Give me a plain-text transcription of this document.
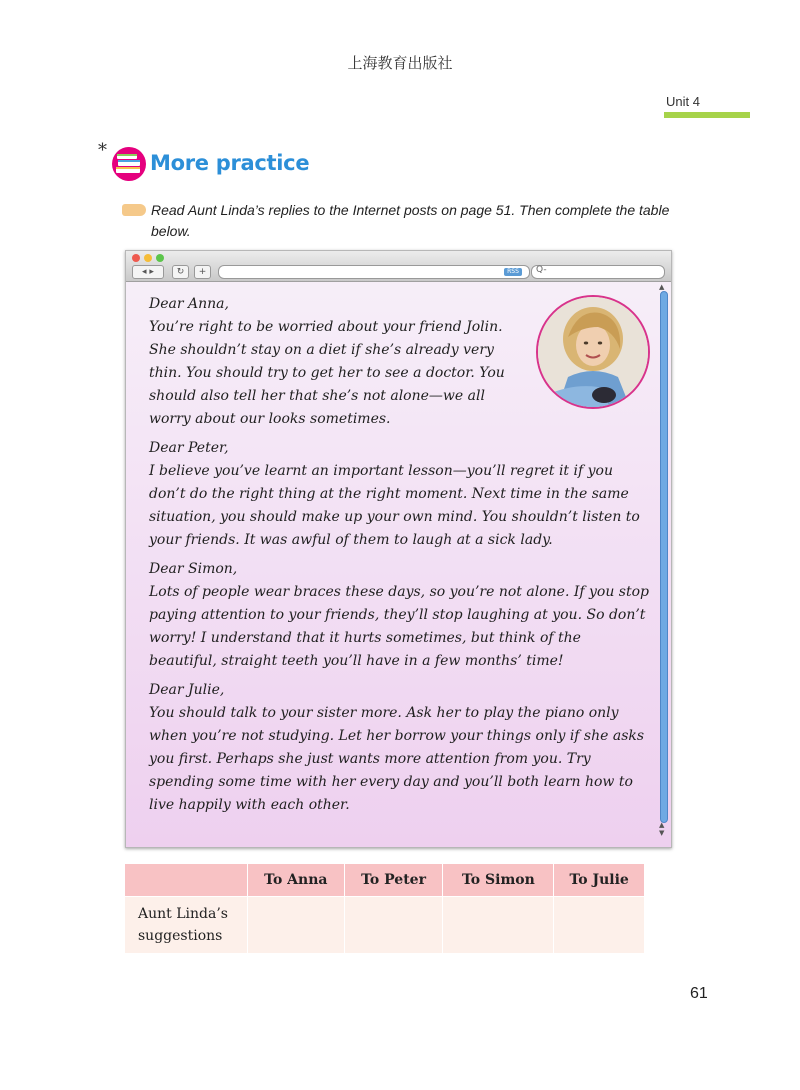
上海教育出版社
Unit 4
*
More practice
Read Aunt Linda’s replies to the Internet posts on page 51. Then complete the table below.
◂ ▸	↻	+	RSS	Q-
▲
▲
▼

Dear Anna,

You’re right to be worried about your friend Jolin. She shouldn’t stay on a diet if she’s already very thin. You should try to get her to see a doctor. You should also tell her that she’s not alone—we all worry about our looks sometimes.

Dear Peter,

I believe you’ve learnt an important lesson—you’ll regret it if you don’t do the right thing at the right moment. Next time in the same situation, you should make up your own mind. You shouldn’t listen to your friends. It was awful of them to laugh at a sick lady.

Dear Simon,

Lots of people wear braces these days, so you’re not alone. If you stop paying attention to your friends, they’ll stop laughing at you. So don’t worry! I understand that it hurts sometimes, but think of the beautiful, straight teeth you’ll have in a few months’ time!

Dear Julie,

You should talk to your sister more. Ask her to play the piano only when you’re not studying. Let her borrow your things only if she asks you first. Perhaps she just wants more attention from you. Try spending some time with her every day and you’ll both learn how to live happily with each other.

	To Anna	To Peter	To Simon	To Julie
Aunt Linda’s
suggestions				
61
